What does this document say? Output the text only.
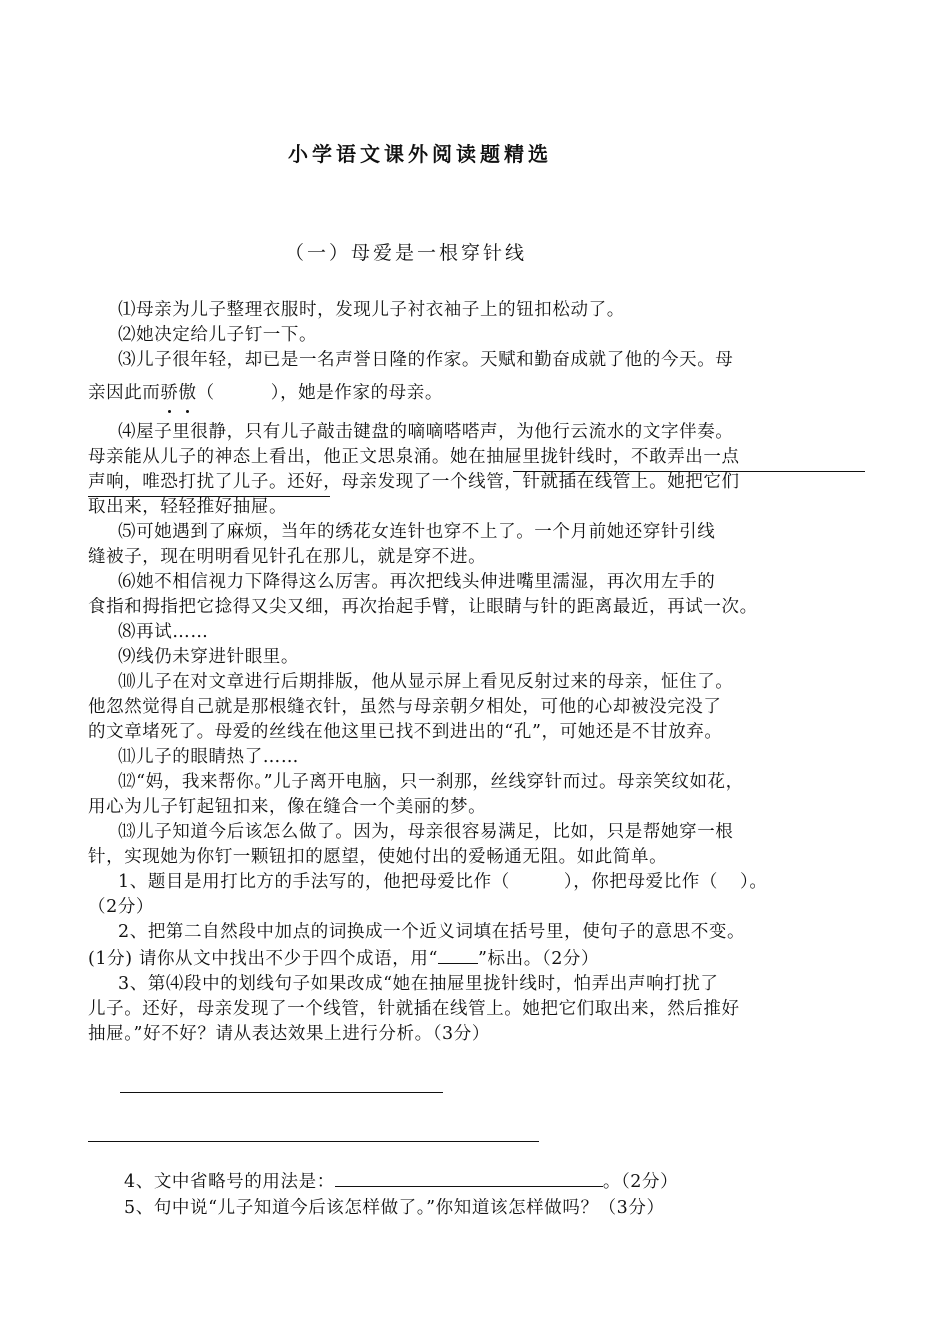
小学语文课外阅读题精选
（一）母爱是一根穿针线
⑴母亲为儿子整理衣服时，发现儿子衬衣袖子上的钮扣松动了。
⑵她决定给儿子钉一下。
⑶儿子很年轻，却已是一名声誉日隆的作家。天赋和勤奋成就了他的今天。母
亲因此而骄傲（	），她是作家的母亲。
⑷屋子里很静，只有儿子敲击键盘的嘀嘀嗒嗒声，为他行云流水的文字伴奏。
母亲能从儿子的神态上看出，他正文思泉涌。她在抽屉里拢针线时，不敢弄出一点
声响，唯恐打扰了儿子。还好，母亲发现了一个线管，针就插在线管上。她把它们
取出来，轻轻推好抽屉。
⑸可她遇到了麻烦，当年的绣花女连针也穿不上了。一个月前她还穿针引线
缝被子，现在明明看见针孔在那儿，就是穿不进。
⑹她不相信视力下降得这么厉害。再次把线头伸进嘴里濡湿，再次用左手的
食指和拇指把它捻得又尖又细，再次抬起手臂，让眼睛与针的距离最近，再试一次。
⑻再试……
⑼线仍未穿进针眼里。
⑽儿子在对文章进行后期排版，他从显示屏上看见反射过来的母亲，怔住了。
他忽然觉得自己就是那根缝衣针，虽然与母亲朝夕相处，可他的心却被没完没了
的文章堵死了。母爱的丝线在他这里已找不到进出的“孔”，可她还是不甘放弃。
⑾儿子的眼睛热了……
⑿“妈，我来帮你。”儿子离开电脑，只一刹那，丝线穿针而过。母亲笑纹如花，
用心为儿子钉起钮扣来，像在缝合一个美丽的梦。
⒀儿子知道今后该怎么做了。因为，母亲很容易满足，比如，只是帮她穿一根
针，实现她为你钉一颗钮扣的愿望，使她付出的爱畅通无阻。如此简单。
1、题目是用打比方的手法写的，他把母爱比作（	），你把母爱比作（ ）。
（2分）
2、把第二自然段中加点的词换成一个近义词填在括号里，使句子的意思不变。
(1分) 请你从文中找出不少于四个成语，用“ ”标出。（2分）
3、第⑷段中的划线句子如果改成“她在抽屉里拢针线时，怕弄出声响打扰了
儿子。还好，母亲发现了一个线管，针就插在线管上。她把它们取出来，然后推好
抽屉。”好不好？请从表达效果上进行分析。（3分）
4、文中省略号的用法是：	。（2分）
5、句中说“儿子知道今后该怎样做了。”你知道该怎样做吗？（3分）
